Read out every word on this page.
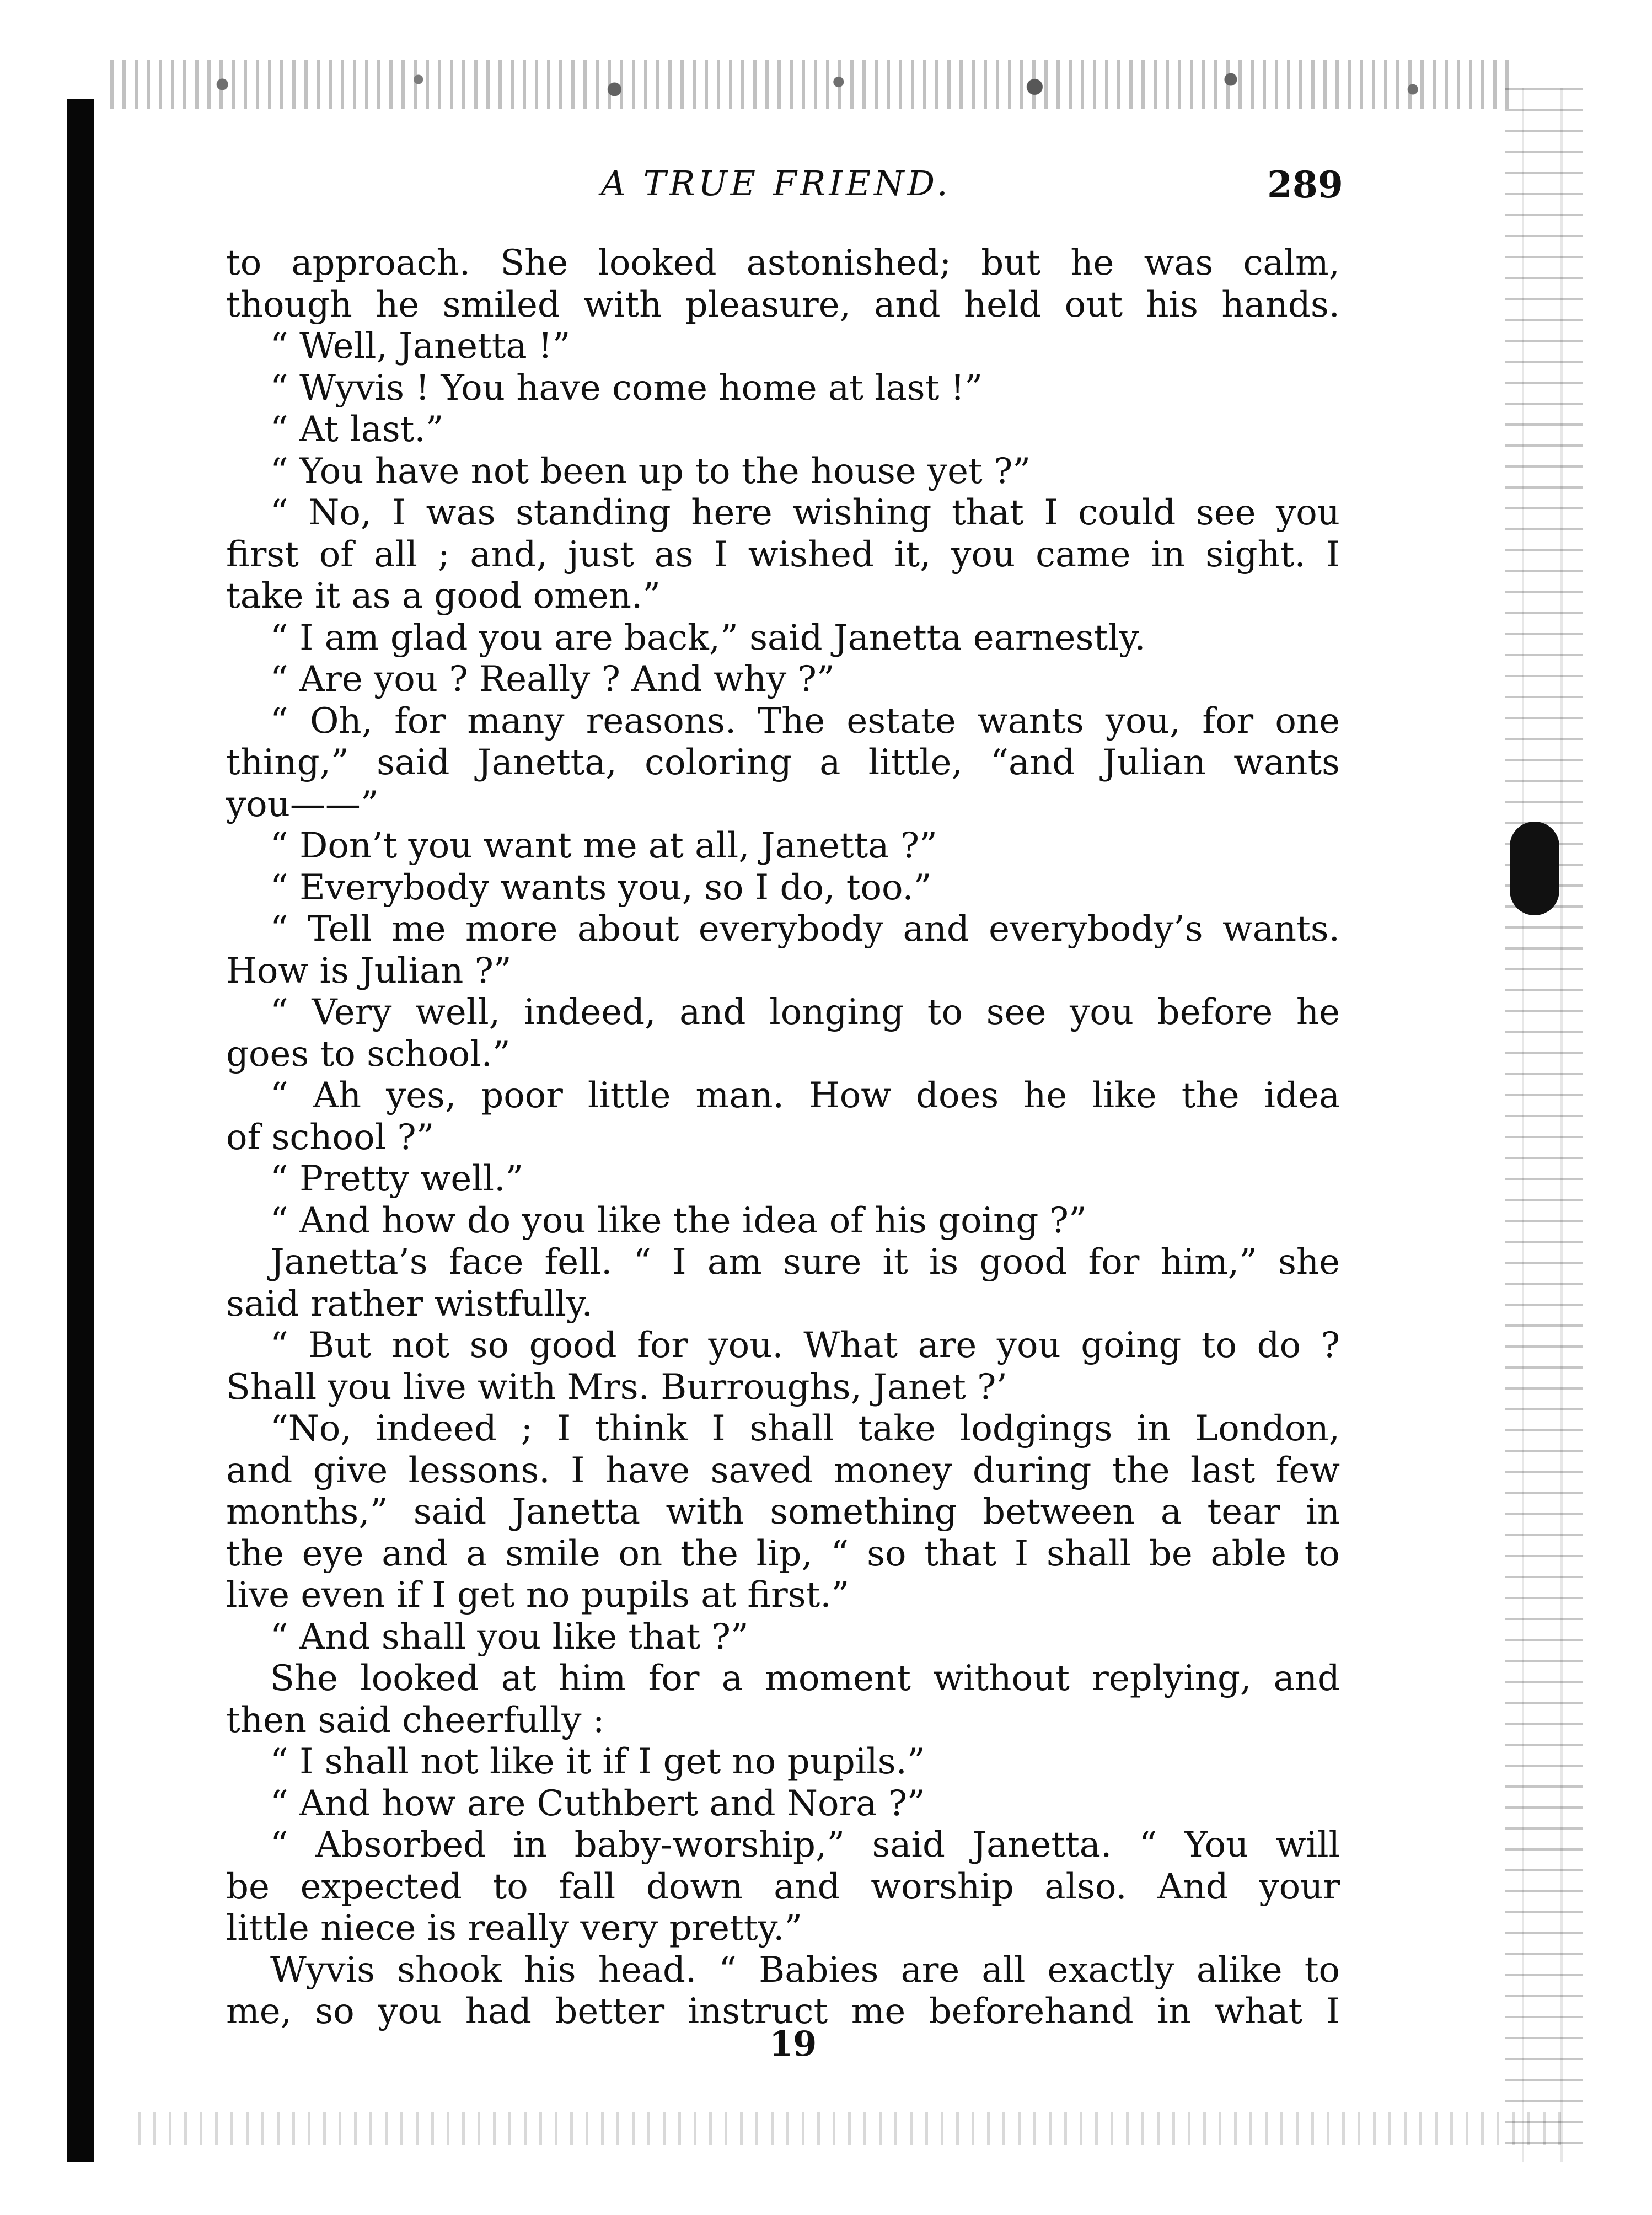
A TRUE FRIEND.	289
to approach. She looked astonished; but he was calm,
though he smiled with pleasure, and held out his hands.
“ Well, Janetta !”
“ Wyvis ! You have come home at last !”
“ At last.”
“ You have not been up to the house yet ?”
“ No, I was standing here wishing that I could see you
first of all ; and, just as I wished it, you came in sight. I
take it as a good omen.”
“ I am glad you are back,” said Janetta earnestly.
“ Are you ? Really ? And why ?”
“ Oh, for many reasons. The estate wants you, for one
thing,” said Janetta, coloring a little, “and Julian wants
you——”
“ Don’t you want me at all, Janetta ?”
“ Everybody wants you, so I do, too.”
“ Tell me more about everybody and everybody’s wants.
How is Julian ?”
“ Very well, indeed, and longing to see you before he
goes to school.”
“ Ah yes, poor little man. How does he like the idea
of school ?”
“ Pretty well.”
“ And how do you like the idea of his going ?”
Janetta’s face fell. “ I am sure it is good for him,” she
said rather wistfully.
“ But not so good for you. What are you going to do ?
Shall you live with Mrs. Burroughs, Janet ?’
“No, indeed ; I think I shall take lodgings in London,
and give lessons. I have saved money during the last few
months,” said Janetta with something between a tear in
the eye and a smile on the lip, “ so that I shall be able to
live even if I get no pupils at first.”
“ And shall you like that ?”
She looked at him for a moment without replying, and
then said cheerfully :
“ I shall not like it if I get no pupils.”
“ And how are Cuthbert and Nora ?”
“ Absorbed in baby-worship,” said Janetta. “ You will
be expected to fall down and worship also. And your
little niece is really very pretty.”
Wyvis shook his head. “ Babies are all exactly alike to
me, so you had better instruct me beforehand in what I
19
